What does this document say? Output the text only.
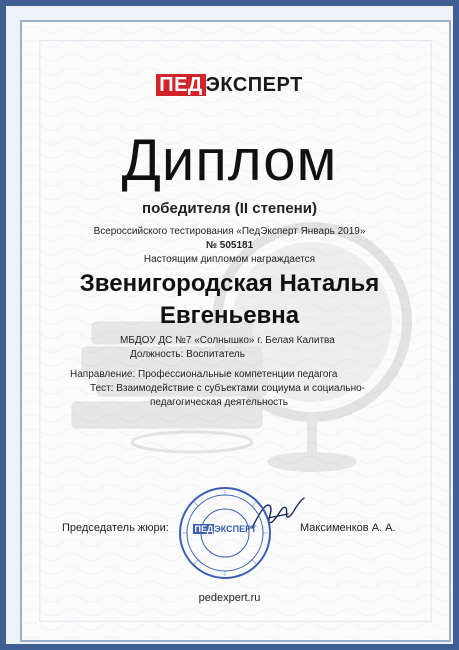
ПЕД ЭКСПЕРТ
Диплом
победителя (II степени)
Всероссийского тестирования «ПедЭксперт Январь 2019»
№ 505181
Настоящим дипломом награждается
Звенигородская Наталья
Евгеньевна
МБДОУ ДС №7 «Солнышко» г. Белая Калитва
Должность: Воспитатель
Направление: Профессиональные компетенции педагога
Тест: Взаимодействие с субъектами социума и социально-
педагогическая деятельность
Председатель жюри:	Максименков А. А.
ПЕДЭКСПЕРТ
pedexpert.ru
